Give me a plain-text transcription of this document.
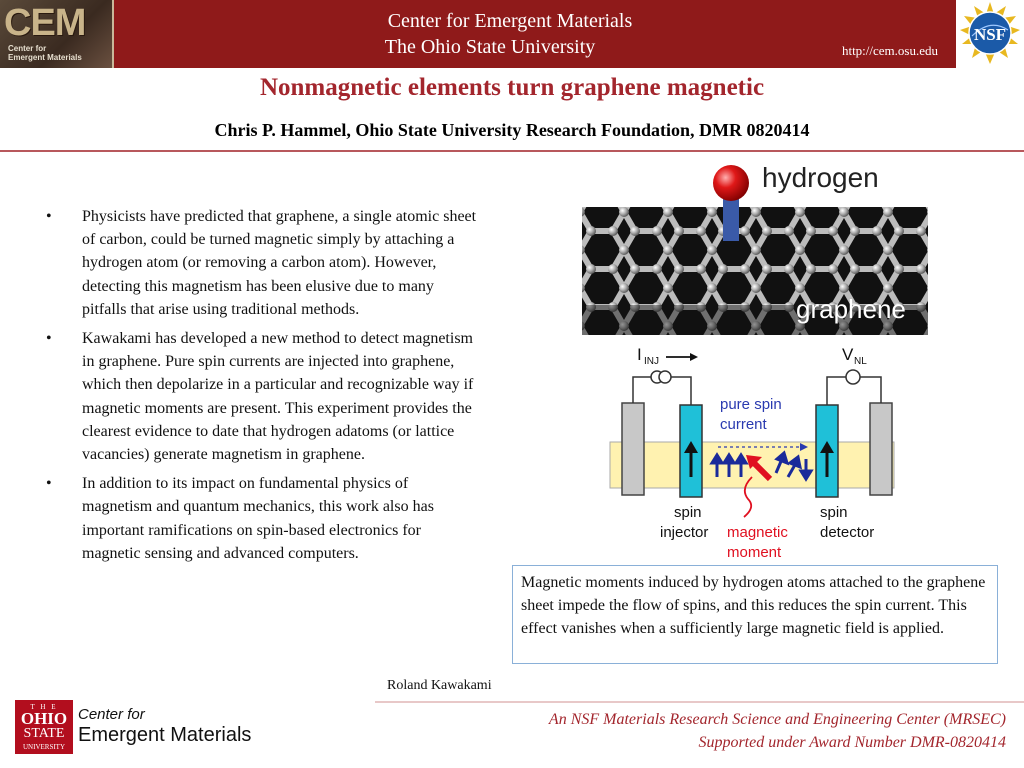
CEM
Center for
Emergent Materials
Center for Emergent Materials
The Ohio State University	http://cem.osu.edu
NSF
Nonmagnetic elements turn graphene magnetic
Chris P. Hammel, Ohio State University Research Foundation, DMR 0820414
• Physicists have predicted that graphene, a single atomic sheet of carbon, could be turned magnetic simply by attaching a hydrogen atom (or removing a carbon atom). However, detecting this magnetism has been elusive due to many pitfalls that arise using traditional methods.
• Kawakami has developed a new method to detect magnetism in graphene. Pure spin currents are injected into graphene, which then depolarize in a particular and recognizable way if magnetic moments are present. This experiment provides the clearest evidence to date that hydrogen adatoms (or lattice vacancies) generate magnetism in graphene.
• In addition to its impact on fundamental physics of magnetism and quantum mechanics, this work also has important ramifications on spin-based electronics for magnetic sensing and advanced computers.
hydrogen
graphene
I INJ	V NL
pure spin
current
spin
injector magnetic
moment
spin
detector
Magnetic moments induced by hydrogen atoms attached to the graphene sheet impede the flow of spins, and this reduces the spin current. This effect vanishes when a sufficiently large magnetic field is applied.
Roland Kawakami
T H E
OHIO
STATE
UNIVERSITY
Center for
Emergent Materials
An NSF Materials Research Science and Engineering Center (MRSEC)
Supported under Award Number DMR-0820414
